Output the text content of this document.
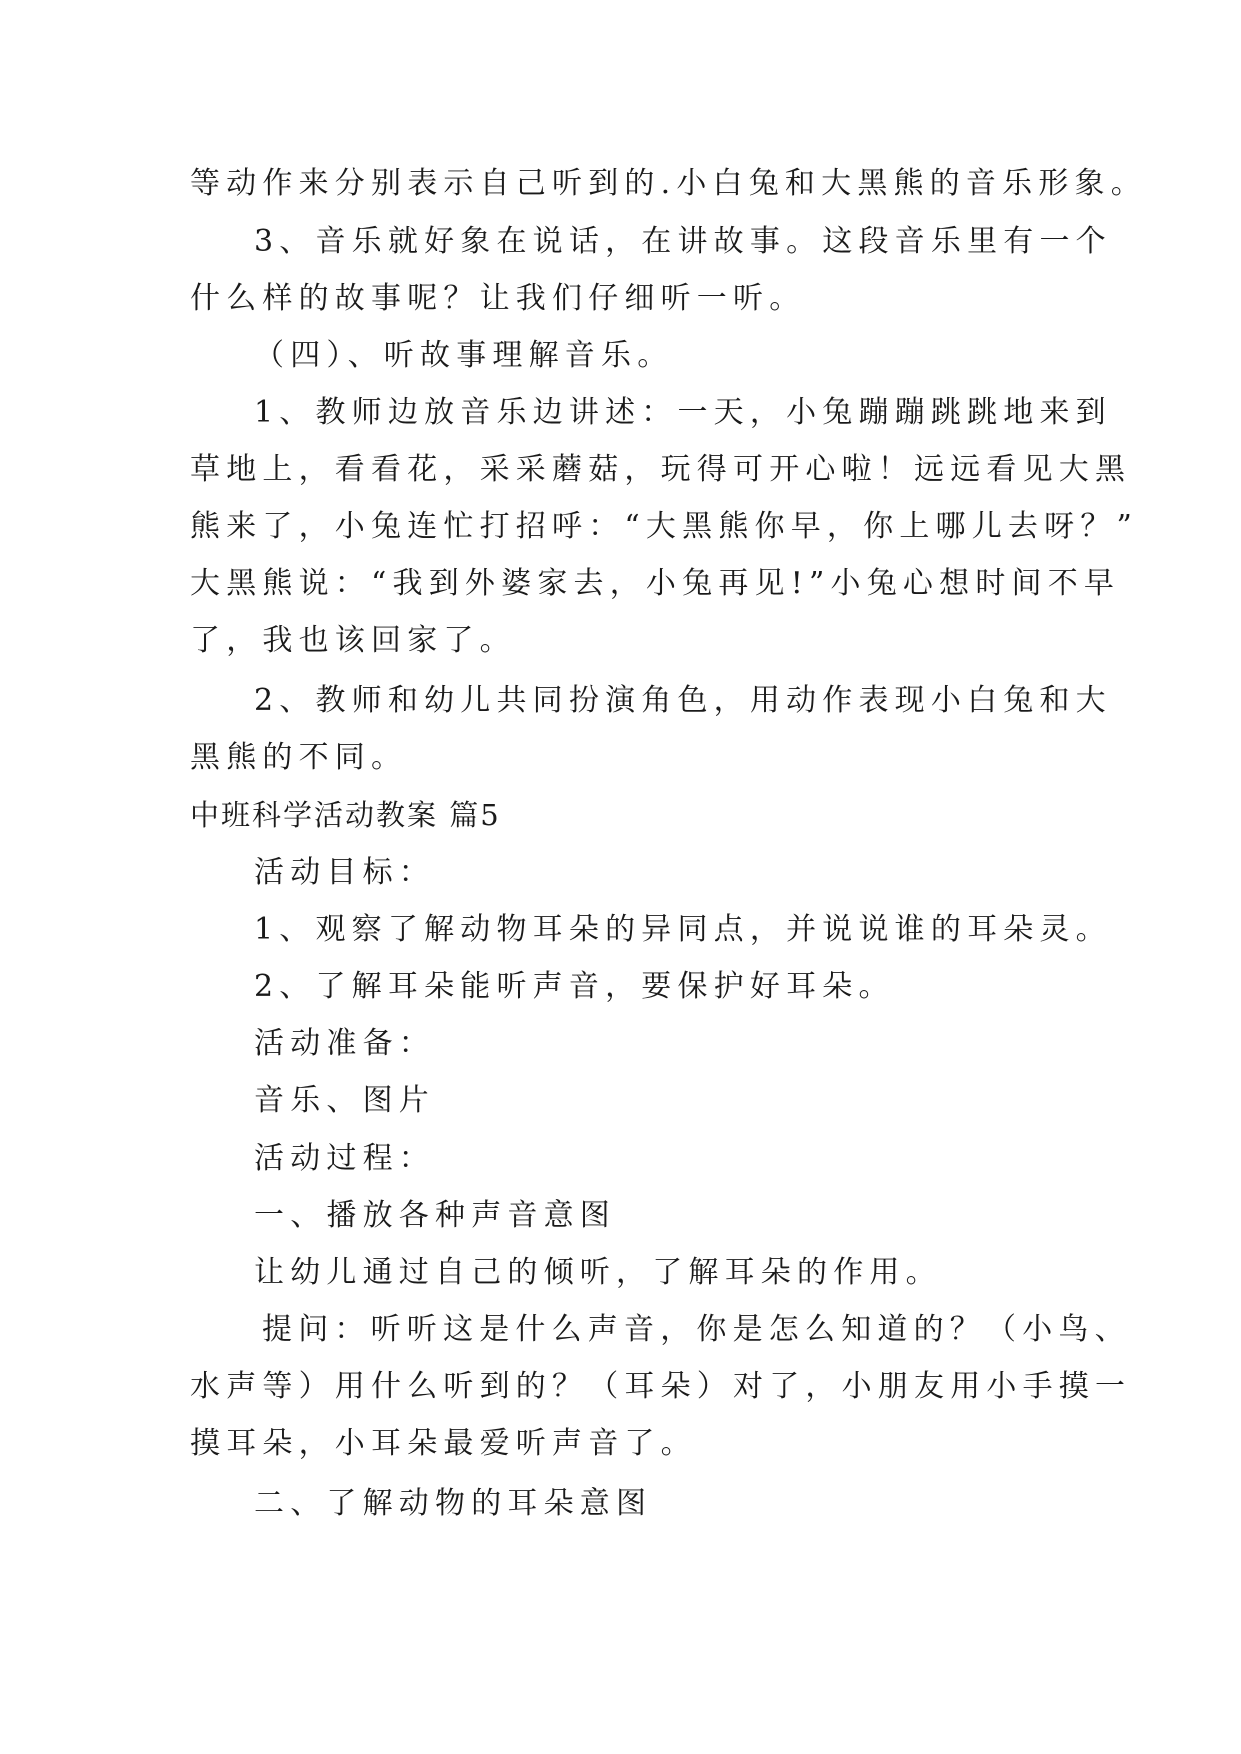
等动作来分别表示自己听到的.小白兔和大黑熊的音乐形象。
3、音乐就好象在说话，在讲故事。这段音乐里有一个
什么样的故事呢？让我们仔细听一听。
（四）、听故事理解音乐。
1、教师边放音乐边讲述：一天，小兔蹦蹦跳跳地来到
草地上，看看花，采采蘑菇，玩得可开心啦！远远看见大黑
熊来了，小兔连忙打招呼：“大黑熊你早，你上哪儿去呀？”
大黑熊说：“我到外婆家去，小兔再见!”小兔心想时间不早
了，我也该回家了。
2、教师和幼儿共同扮演角色，用动作表现小白兔和大
黑熊的不同。
中班科学活动教案 篇5
活动目标：
1、观察了解动物耳朵的异同点，并说说谁的耳朵灵。
2、了解耳朵能听声音，要保护好耳朵。
活动准备：
音乐、图片
活动过程：
一、播放各种声音意图
让幼儿通过自己的倾听，了解耳朵的作用。
提问：听听这是什么声音，你是怎么知道的？（小鸟、
水声等）用什么听到的？（耳朵）对了，小朋友用小手摸一
摸耳朵，小耳朵最爱听声音了。
二、了解动物的耳朵意图
